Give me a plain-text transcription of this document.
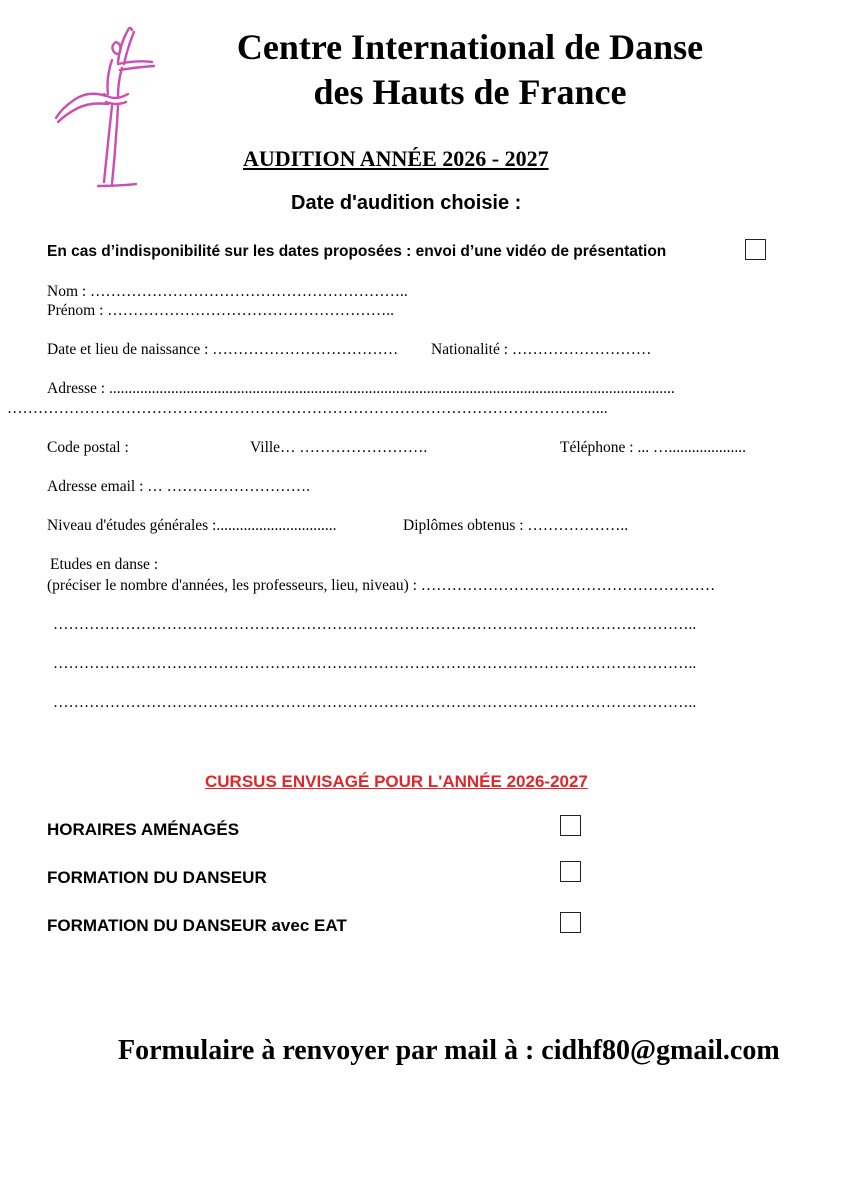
Centre International de Danse
des Hauts de France
AUDITION ANNÉE 2026 - 2027
Date d'audition choisie :
En cas d’indisponibilité sur les dates proposées : envoi d’une vidéo de présentation
Nom : ……………………………………………………..
Prénom : ………………………………………………..
Date et lieu de naissance : ……………………………… Nationalité : ………………………
Adresse : ..................................................................................................................................................
……………………………………………………………………………………………………...
Code postal :	Ville… …………………….	Téléphone : ... …....................
Adresse email : … ……………………….
Niveau d'études générales :...............................	Diplômes obtenus : ………………..
Etudes en danse :
(préciser le nombre d'années, les professeurs, lieu, niveau) : …………………………………………………
……………………………………………………………………………………………………………..
……………………………………………………………………………………………………………..
……………………………………………………………………………………………………………..
CURSUS ENVISAGÉ POUR L'ANNÉE 2026-2027
HORAIRES AMÉNAGÉS
FORMATION DU DANSEUR
FORMATION DU DANSEUR avec EAT
Formulaire à renvoyer par mail à : cidhf80@gmail.com
